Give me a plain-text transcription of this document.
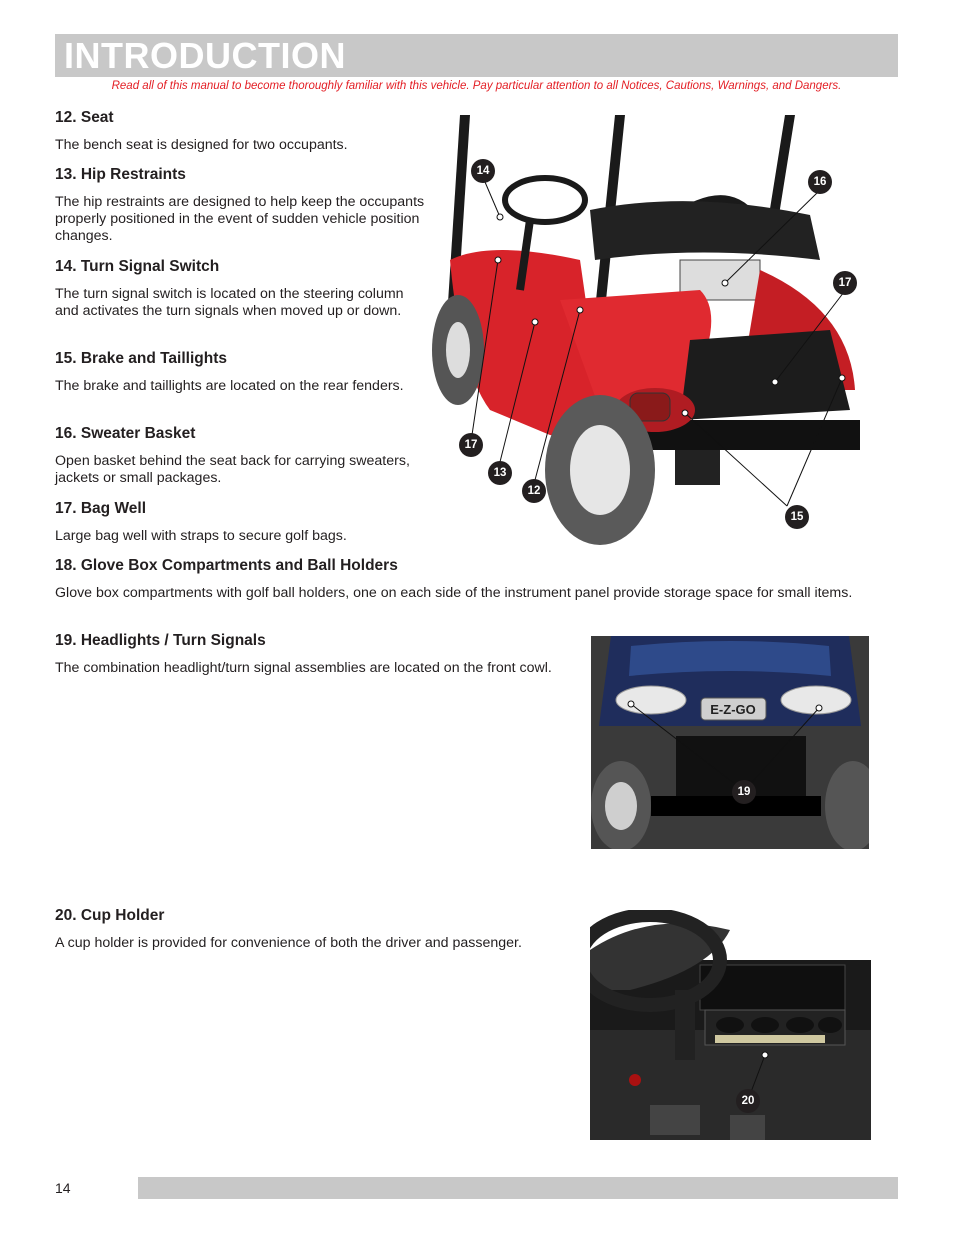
INTRODUCTION
Read all of this manual to become thoroughly familiar with this vehicle. Pay particular attention to all Notices, Cautions, Warnings, and Dangers.
12. Seat

The bench seat is designed for two occupants.

13. Hip Restraints

The hip restraints are designed to help keep the occupants properly positioned in the event of sudden vehicle position changes.

14. Turn Signal Switch

The turn signal switch is located on the steering column and activates the turn signals when moved up or down.

15. Brake and Taillights

The brake and taillights are located on the rear fenders.

16. Sweater Basket

Open basket behind the seat back for carrying sweaters, jackets or small packages.

17. Bag Well

Large bag well with straps to secure golf bags.

18. Glove Box Compartments and Ball Holders

Glove box compartments with golf ball holders, one on each side of the instrument panel provide storage space for small items.

19. Headlights / Turn Signals

The combination headlight/turn signal assemblies are located on the front cowl.

20. Cup Holder

A cup holder is provided for convenience of both the driver and passenger.

14
16
17
17
13
12
15
E-Z-GO
19
20
14
